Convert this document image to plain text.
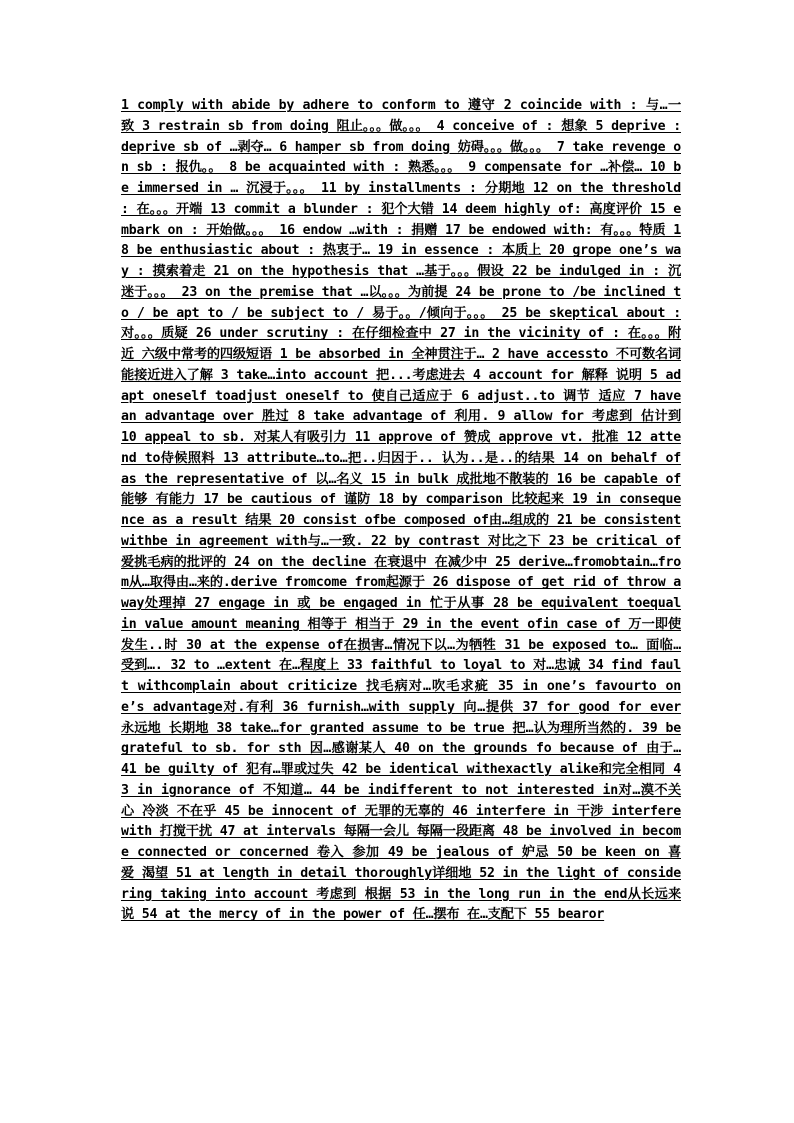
1 comply with abide by adhere to conform to 遵守 2 coincide with : 与…一致 3 restrain sb from doing 阻止。。。做。。。 4 conceive of : 想象 5 deprive : deprive sb of …剥夺… 6 hamper sb from doing 妨碍。。。做。。。 7 take revenge on sb : 报仇。。 8 be acquainted with : 熟悉。。。 9 compensate for …补偿… 10 be immersed in … 沉浸于。。。 11 by installments : 分期地 12 on the threshold : 在。。。开端 13 commit a blunder : 犯个大错 14 deem highly of: 高度评价 15 embark on : 开始做。。。 16 endow …with : 捐赠 17 be endowed with: 有。。。特质 18 be enthusiastic about : 热衷于… 19 in essence : 本质上 20 grope one’s way : 摸索着走 21 on the hypothesis that …基于。。。假设 22 be indulged in : 沉迷于。。。 23 on the premise that …以。。。为前提 24 be prone to /be inclined to / be apt to / be subject to / 易于。。/倾向于。。。 25 be skeptical about : 对。。。质疑 26 under scrutiny : 在仔细检查中 27 in the vicinity of : 在。。。附近 六级中常考的四级短语 1 be absorbed in 全神贯注于… 2 have accessto 不可数名词 能接近进入了解 3 take…into account 把...考虑进去 4 account for 解释 说明 5 adapt oneself toadjust oneself to 使自己适应于 6 adjust..to 调节 适应 7 have an advantage over 胜过 8 take advantage of 利用. 9 allow for 考虑到 估计到 10 appeal to sb. 对某人有吸引力 11 approve of 赞成 approve vt. 批准 12 attend to侍候照料 13 attribute…to…把..归因于.. 认为..是..的结果 14 on behalf of as the representative of 以…名义 15 in bulk 成批地不散装的 16 be capable of 能够 有能力 17 be cautious of 谨防 18 by comparison 比较起来 19 in consequence as a result 结果 20 consist ofbe composed of由…组成的 21 be consistent withbe in agreement with与…一致. 22 by contrast 对比之下 23 be critical of 爱挑毛病的批评的 24 on the decline 在衰退中 在减少中 25 derive…fromobtain…from从…取得由…来的.derive fromcome from起源于 26 dispose of get rid of throw away处理掉 27 engage in 或 be engaged in 忙于从事 28 be equivalent toequal in value amount meaning 相等于 相当于 29 in the event ofin case of 万一即使发生..时 30 at the expense of在损害…情况下以…为牺牲 31 be exposed to… 面临… 受到…. 32 to …extent 在…程度上 33 faithful to loyal to 对…忠诚 34 find fault withcomplain about criticize 找毛病对…吹毛求疵 35 in one’s favourto one’s advantage对.有利 36 furnish…with supply 向…提供 37 for good for ever 永远地 长期地 38 take…for granted assume to be true 把…认为理所当然的. 39 be grateful to sb. for sth 因…感谢某人 40 on the grounds fo because of 由于… 41 be guilty of 犯有…罪或过失 42 be identical withexactly alike和完全相同 43 in ignorance of 不知道… 44 be indifferent to not interested in对…漠不关心 冷淡 不在乎 45 be innocent of 无罪的无辜的 46 interfere in 干涉 interfere with 打搅干扰 47 at intervals 每隔一会儿 每隔一段距离 48 be involved in become connected or concerned 卷入 参加 49 be jealous of 妒忌 50 be keen on 喜爱 渴望 51 at length in detail thoroughly详细地 52 in the light of considering taking into account 考虑到 根据 53 in the long run in the end从长远来说 54 at the mercy of in the power of 任…摆布 在…支配下 55 bearor
